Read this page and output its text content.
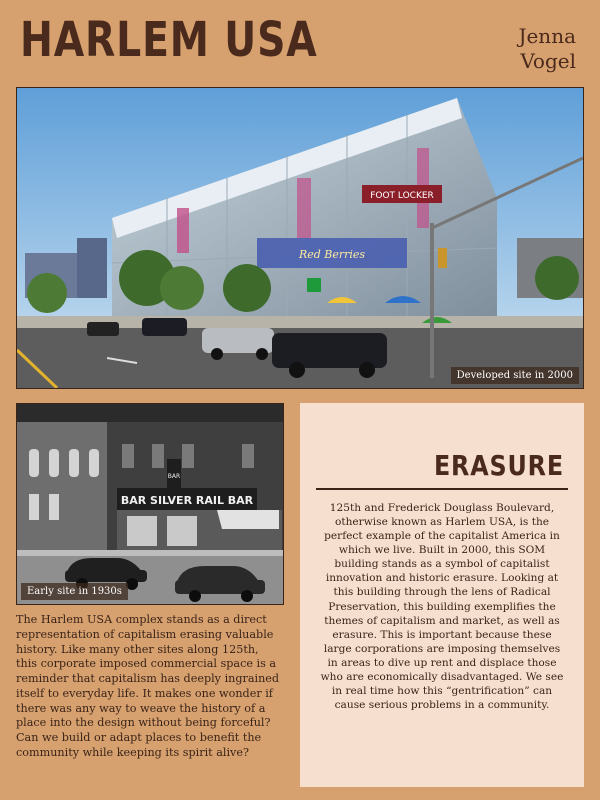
HARLEM USA	Jenna
Vogel
FOOT LOCKER
Red Berries
Developed site in 2000
BAR SILVER RAIL BAR
BAR
Early site in 1930s

The Harlem USA complex stands as a direct representation of capitalism erasing valuable history. Like many other sites along 125th, this corporate imposed commercial space is a reminder that capitalism has deeply ingrained itself to everyday life. It makes one wonder if there was any way to weave the history of a place into the design without being forceful? Can we build or adapt places to benefit the community while keeping its spirit alive?

ERASURE

125th and Frederick Douglass Boulevard, otherwise known as Harlem USA, is the perfect example of the capitalist America in which we live. Built in 2000, this SOM building stands as a symbol of capitalist innovation and historic erasure. Looking at this building through the lens of Radical Preservation, this building exemplifies the themes of capitalism and market, as well as erasure. This is important because these large corporations are imposing themselves in areas to dive up rent and displace those who are economically disadvantaged. We see in real time how this “gentrification” can cause serious problems in a community.
